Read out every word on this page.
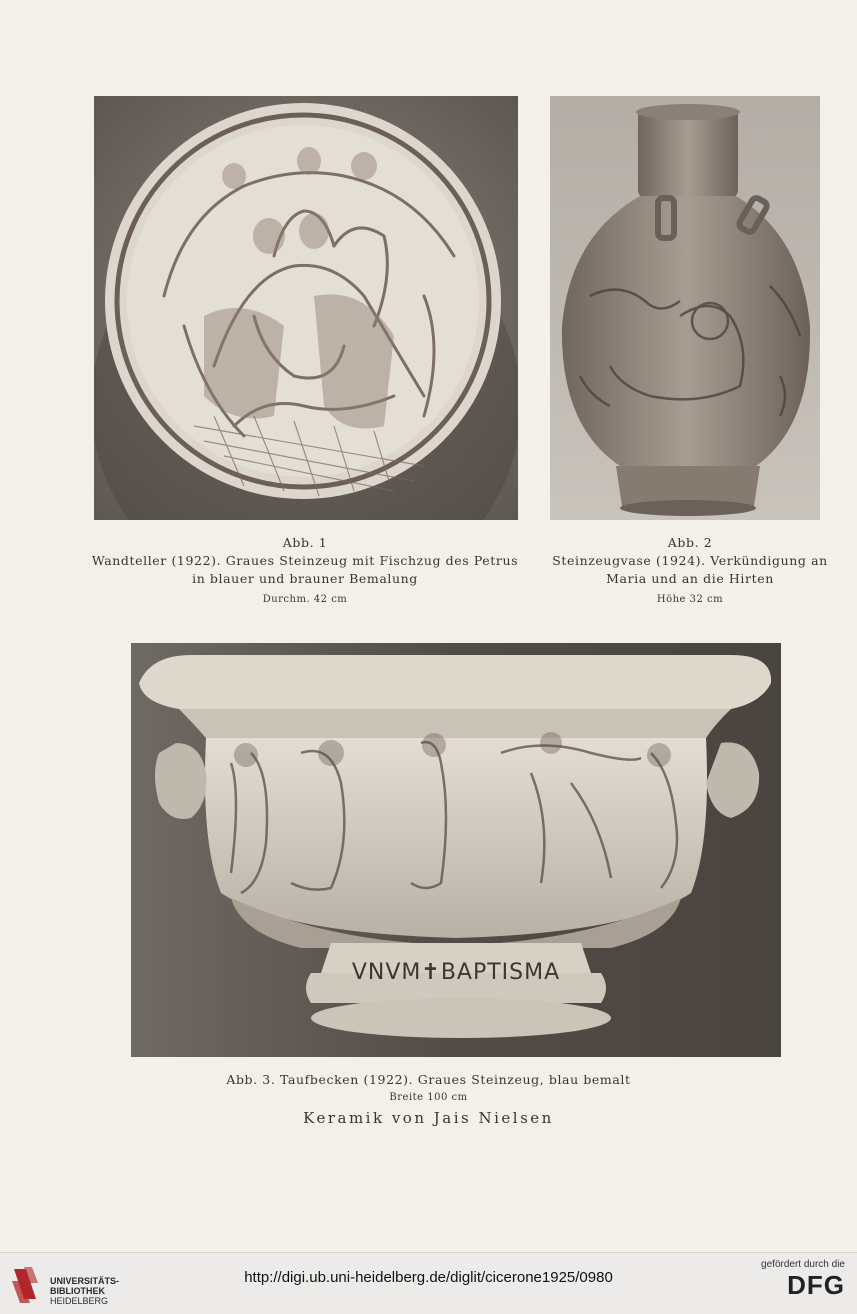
Abb. 1
Wandteller (1922). Graues Steinzeug mit Fischzug des Petrus
in blauer und brauner Bemalung
Durchm. 42 cm
Abb. 2
Steinzeugvase (1924). Verkündigung an
Maria und an die Hirten
Höhe 32 cm
VNVM✝BAPTISMA
Abb. 3. Taufbecken (1922). Graues Steinzeug, blau bemalt
Breite 100 cm
Keramik von Jais Nielsen
UNIVERSITÄTS-
BIBLIOTHEK
HEIDELBERG
http://digi.ub.uni-heidelberg.de/diglit/cicerone1925/0980
gefördert durch die
DFG
